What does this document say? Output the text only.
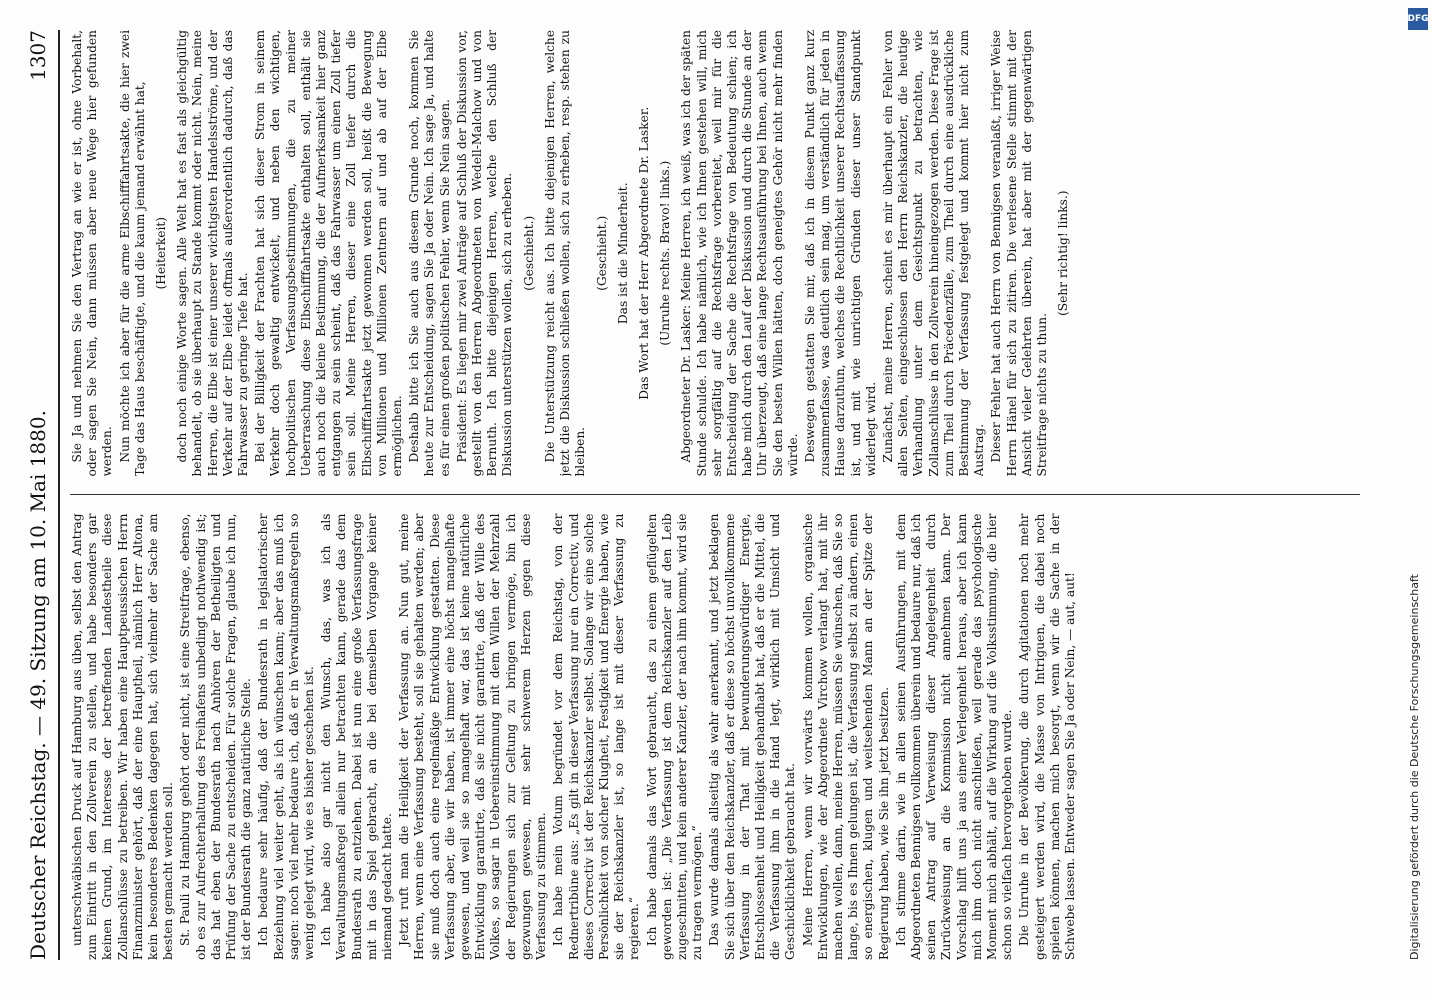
Deutscher Reichstag. — 49. Sitzung am 10. Mai 1880.
1307

unterschwäbischen Druck auf Hamburg aus üben, selbst den Antrag zum Eintritt in den Zollverein zu stellen, und habe besonders gar keinen Grund, im Interesse der betreffenden Landestheile diese Zollanschlüsse zu betreiben. Wir haben eine Hauptpeussischen Herrn Finanzminister gehört, daß der eine Hauptheil, nämlich Herr Altona, kein besonderes Bedenken dagegen hat, sich vielmehr der Sache am besten gemacht werden soll. St. Pauli zu Hamburg gehört oder nicht, ist eine Streitfrage, ebenso, ob es zur Aufrechterhaltung des Freihafens unbedingt nothwendig ist; das hat eben der Bundesrath nach Anhören der Betheiligten und Prüfung der Sache zu entscheiden. Für solche Fragen, glaube ich nun, ist der Bundesrath die ganz natürliche Stelle. Ich bedaure sehr häufig, daß der Bundesrath in legislatorischer Beziehung viel weiter geht, als ich wünschen kann; aber das muß ich sagen: noch viel mehr bedaure ich, daß er in Verwaltungsmaßregeln so wenig gelegt wird, wie es bisher geschehen ist. Ich habe also gar nicht den Wunsch, das, was ich als Verwaltungsmaßregel allein nur betrachten kann, gerade das dem Bundesrath zu entziehen. Dabei ist nun eine große Verfassungsfrage mit in das Spiel gebracht, an die bei demselben Vorgange keiner niemand gedacht hatte. Jetzt ruft man die Heiligkeit der Verfassung an. Nun gut, meine Herren, wenn eine Verfassung besteht, soll sie gehalten werden; aber sie muß doch auch eine regelmäßige Entwicklung gestatten. Diese Verfassung aber, die wir haben, ist immer eine höchst mangelhafte gewesen, und weil sie so mangelhaft war, das ist keine natürliche Entwicklung garantirte, daß sie nicht garantirte, daß der Wille des Volkes, so sagar in Uebereinstimmung mit dem Willen der Mehrzahl der Regierungen sich zur Geltung zu bringen vermöge, bin ich gezwungen gewesen, mit sehr schwerem Herzen gegen diese Verfassung zu stimmen. Ich habe mein Votum begründet vor dem Reichstag, von der Rednertribüne aus: „Es gilt in dieser Verfassung nur ein Correctiv, und dieses Correctiv ist der Reichskanzler selbst. Solange wir eine solche Persönlichkeit von solcher Klugheit, Festigkeit und Energie haben, wie sie der Reichskanzler ist, so lange ist mit dieser Verfassung zu regieren.“ Ich habe damals das Wort gebraucht, das zu einem geflügelten geworden ist: „Die Verfassung ist dem Reichskanzler auf den Leib zugeschnitten, und kein anderer Kanzler, der nach ihm kommt, wird sie zu tragen vermögen.“ Das wurde damals allseitig als wahr anerkannt, und jetzt beklagen Sie sich über den Reichskanzler, daß er diese so höchst unvollkommene Verfassung in der That mit bewunderungswürdiger Energie, Entschlossenheit und Heiligkeit gehandhabt hat, daß er die Mittel, die die Verfassung ihm in die Hand legt, wirklich mit Umsicht und Geschicklichkeit gebraucht hat. Meine Herren, wenn wir vorwärts kommen wollen, organische Entwicklungen, wie der Abgeordnete Virchow verlangt hat, mit ihr machen wollen, dann, meine Herren, müssen Sie wünschen, daß Sie so lange, bis es Ihnen gelungen ist, die Verfassung selbst zu ändern, einen so energischen, klugen und weitsehenden Mann an der Spitze der Regierung haben, wie Sie ihn jetzt besitzen. Ich stimme darin, wie in allen seinen Ausführungen, mit dem Abgeordneten Bennigsen vollkommen überein und bedaure nur, daß ich seinen Antrag auf Verweisung dieser Angelegenheit durch Zurückweisung an die Kommission nicht annehmen kann. Der Vorschlag hilft uns ja aus einer Verlegenheit heraus, aber ich kann mich ihm doch nicht anschließen, weil gerade das psychologische Moment mich abhält, auf die Wirkung auf die Volksstimmung, die hier schon so vielfach hervorgehoben wurde. Die Unruhe in der Bevölkerung, die durch Agitationen noch mehr gesteigert werden wird, die Masse von Intriguen, die dabei noch spielen können, machen mich besorgt, wenn wir die Sache in der Schwebe lassen. Entweder sagen Sie Ja oder Nein, — aut, aut!

Sie Ja und nehmen Sie den Vertrag an wie er ist, ohne Vorbehalt, oder sagen Sie Nein, dann müssen aber neue Wege hier gefunden werden. Nun möchte ich aber für die arme Elbschifffahrtsakte, die hier zwei Tage das Haus beschäftigte, und die kaum jemand erwähnt hat, (Heiterkeit) doch noch einige Worte sagen. Alle Welt hat es fast als gleichgültig behandelt, ob sie überhaupt zu Stande kommt oder nicht. Nein, meine Herren, die Elbe ist einer unserer wichtigsten Handelsströme, und der Verkehr auf der Elbe leidet oftmals außerordentlich dadurch, daß das Fahrwasser zu geringe Tiefe hat. Bei der Billigkeit der Frachten hat sich dieser Strom in seinem Verkehr doch gewaltig entwickelt, und neben den wichtigen, hochpolitischen Verfassungsbestimmungen, die zu meiner Ueberraschung diese Elbschifffahrtsakte enthalten soll, enthält sie auch noch die kleine Bestimmung, die der Aufmerksamkeit hier ganz entgangen zu sein scheint, daß das Fahrwasser um einen Zoll tiefer sein soll. Meine Herren, dieser eine Zoll tiefer durch die Elbschifffahrtsakte jetzt gewonnen werden soll, heißt die Bewegung von Millionen und Millionen Zentnern auf und ab auf der Elbe ermöglichen. Deshalb bitte ich Sie auch aus diesem Grunde noch, kommen Sie heute zur Entscheidung, sagen Sie Ja oder Nein. Ich sage Ja, und halte es für einen großen politischen Fehler, wenn Sie Nein sagen. Präsident: Es liegen mir zwei Anträge auf Schluß der Diskussion vor, gestellt von den Herren Abgeordneten von Wedell-Malchow und von Bernuth. Ich bitte diejenigen Herren, welche den Schluß der Diskussion unterstützen wollen, sich zu erheben. (Geschieht.) Die Unterstützung reicht aus. Ich bitte diejenigen Herren, welche jetzt die Diskussion schließen wollen, sich zu erheben, resp. stehen zu bleiben.

(Geschieht.) Das ist die Minderheit. Das Wort hat der Herr Abgeordnete Dr. Lasker. (Unruhe rechts. Bravo! links.) Abgeordneter Dr. Lasker: Meine Herren, ich weiß, was ich der späten Stunde schulde. Ich habe nämlich, wie ich Ihnen gestehen will, mich sehr sorgfältig auf die Rechtsfrage vorbereitet, weil mir für die Entscheidung der Sache die Rechtsfrage von Bedeutung schien; ich habe mich durch den Lauf der Diskussion und durch die Stunde an der Uhr überzeugt, daß eine lange Rechtsausführung bei Ihnen, auch wenn Sie den besten Willen hätten, doch geneigtes Gehör nicht mehr finden würde. Deswegen gestatten Sie mir, daß ich in diesem Punkt ganz kurz zusammenfasse, was deutlich sein mag, um verständlich für jeden in Hause darzuthun, welches die Rechtlichkeit unserer Rechtsauffassung ist, und mit wie unrichtigen Gründen dieser unser Standpunkt widerlegt wird. Zunächst, meine Herren, scheint es mir überhaupt ein Fehler von allen Seiten, eingeschlossen den Herrn Reichskanzler, die heutige Verhandlung unter dem Gesichtspunkt zu betrachten, wie Zollanschlüsse in den Zollverein hineingezogen werden. Diese Frage ist zum Theil durch Präcedenzfälle, zum Theil durch eine ausdrückliche Bestimmung der Verfassung festgelegt und kommt hier nicht zum Austrag. Dieser Fehler hat auch Herrn von Bennigsen veranlaßt, irriger Weise Herrn Hänel für sich zu zitiren. Die verlesene Stelle stimmt mit der Ansicht vieler Gelehrten überein, hat aber mit der gegenwärtigen Streitfrage nichts zu thun.

(Sehr richtig! links.)

Digitalisierung gefördert durch die Deutsche Forschungsgemeinschaft
DFG
